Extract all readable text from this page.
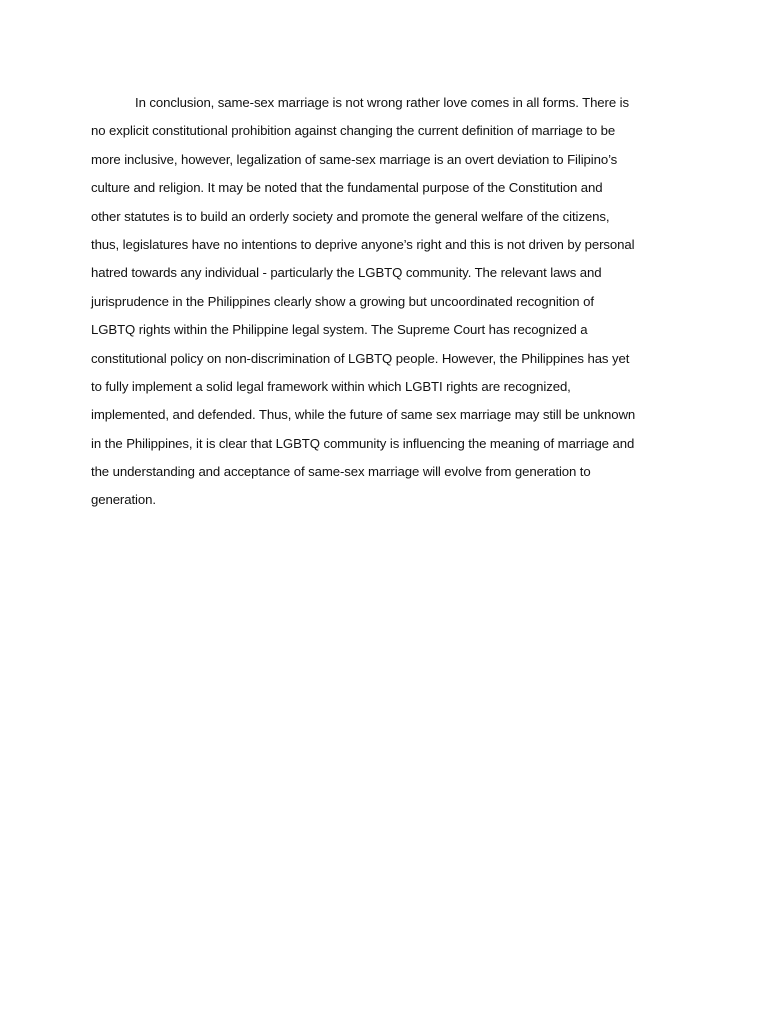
In conclusion, same-sex marriage is not wrong rather love comes in all forms. There is
no explicit constitutional prohibition against changing the current definition of marriage to be
more inclusive, however, legalization of same-sex marriage is an overt deviation to Filipino’s
culture and religion. It may be noted that the fundamental purpose of the Constitution and
other statutes is to build an orderly society and promote the general welfare of the citizens,
thus, legislatures have no intentions to deprive anyone’s right and this is not driven by personal
hatred towards any individual - particularly the LGBTQ community. The relevant laws and
jurisprudence in the Philippines clearly show a growing but uncoordinated recognition of
LGBTQ rights within the Philippine legal system. The Supreme Court has recognized a
constitutional policy on non-discrimination of LGBTQ people. However, the Philippines has yet
to fully implement a solid legal framework within which LGBTI rights are recognized,
implemented, and defended. Thus, while the future of same sex marriage may still be unknown
in the Philippines, it is clear that LGBTQ community is influencing the meaning of marriage and
the understanding and acceptance of same-sex marriage will evolve from generation to
generation.
